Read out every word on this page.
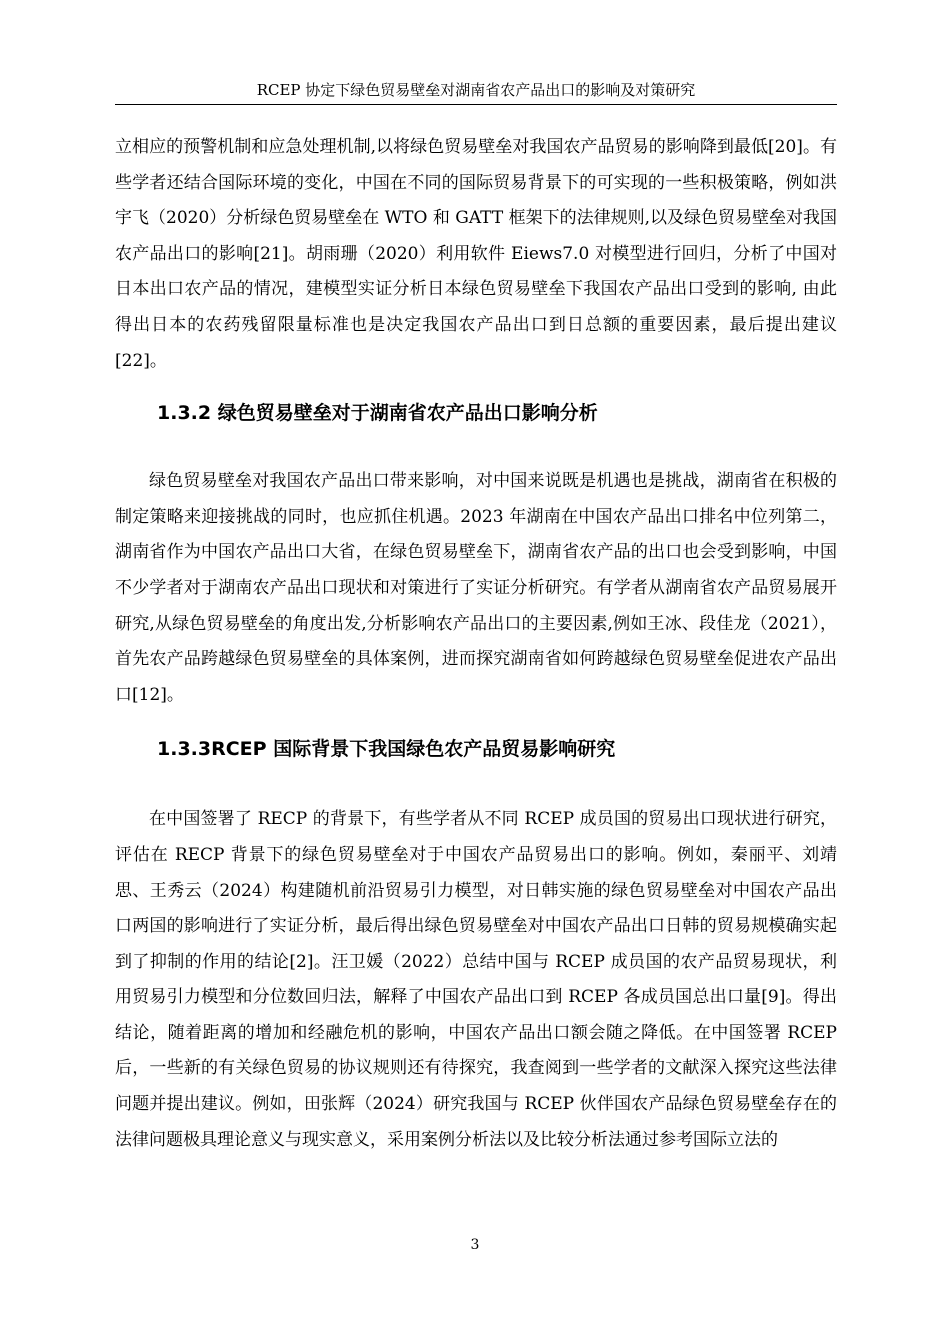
RCEP 协定下绿色贸易壁垒对湖南省农产品出口的影响及对策研究

立相应的预警机制和应急处理机制,以将绿色贸易壁垒对我国农产品贸易的影响降到最低[20]。有些学者还结合国际环境的变化，中国在不同的国际贸易背景下的可实现的一些积极策略，例如洪宇飞（2020）分析绿色贸易壁垒在 WTO 和 GATT 框架下的法律规则,以及绿色贸易壁垒对我国农产品出口的影响[21]。胡雨珊（2020）利用软件 Eiews7.0 对模型进行回归，分析了中国对日本出口农产品的情况，建模型实证分析日本绿色贸易壁垒下我国农产品出口受到的影响, 由此得出日本的农药残留限量标准也是决定我国农产品出口到日总额的重要因素，最后提出建议[22]。

1.3.2 绿色贸易壁垒对于湖南省农产品出口影响分析

绿色贸易壁垒对我国农产品出口带来影响，对中国来说既是机遇也是挑战，湖南省在积极的制定策略来迎接挑战的同时，也应抓住机遇。2023 年湖南在中国农产品出口排名中位列第二，湖南省作为中国农产品出口大省，在绿色贸易壁垒下，湖南省农产品的出口也会受到影响，中国不少学者对于湖南农产品出口现状和对策进行了实证分析研究。有学者从湖南省农产品贸易展开研究,从绿色贸易壁垒的角度出发,分析影响农产品出口的主要因素,例如王冰、段佳龙（2021），首先农产品跨越绿色贸易壁垒的具体案例，进而探究湖南省如何跨越绿色贸易壁垒促进农产品出口[12]。

1.3.3RCEP 国际背景下我国绿色农产品贸易影响研究

在中国签署了 RECP 的背景下，有些学者从不同 RCEP 成员国的贸易出口现状进行研究，评估在 RECP 背景下的绿色贸易壁垒对于中国农产品贸易出口的影响。例如，秦丽平、刘靖思、王秀云（2024）构建随机前沿贸易引力模型，对日韩实施的绿色贸易壁垒对中国农产品出口两国的影响进行了实证分析，最后得出绿色贸易壁垒对中国农产品出口日韩的贸易规模确实起到了抑制的作用的结论[2]。汪卫媛（2022）总结中国与 RCEP 成员国的农产品贸易现状，利用贸易引力模型和分位数回归法，解释了中国农产品出口到 RCEP 各成员国总出口量[9]。得出结论，随着距离的增加和经融危机的影响，中国农产品出口额会随之降低。在中国签署 RCEP 后，一些新的有关绿色贸易的协议规则还有待探究，我查阅到一些学者的文献深入探究这些法律问题并提出建议。例如，田张辉（2024）研究我国与 RCEP 伙伴国农产品绿色贸易壁垒存在的法律问题极具理论意义与现实意义，采用案例分析法以及比较分析法通过参考国际立法的

3
